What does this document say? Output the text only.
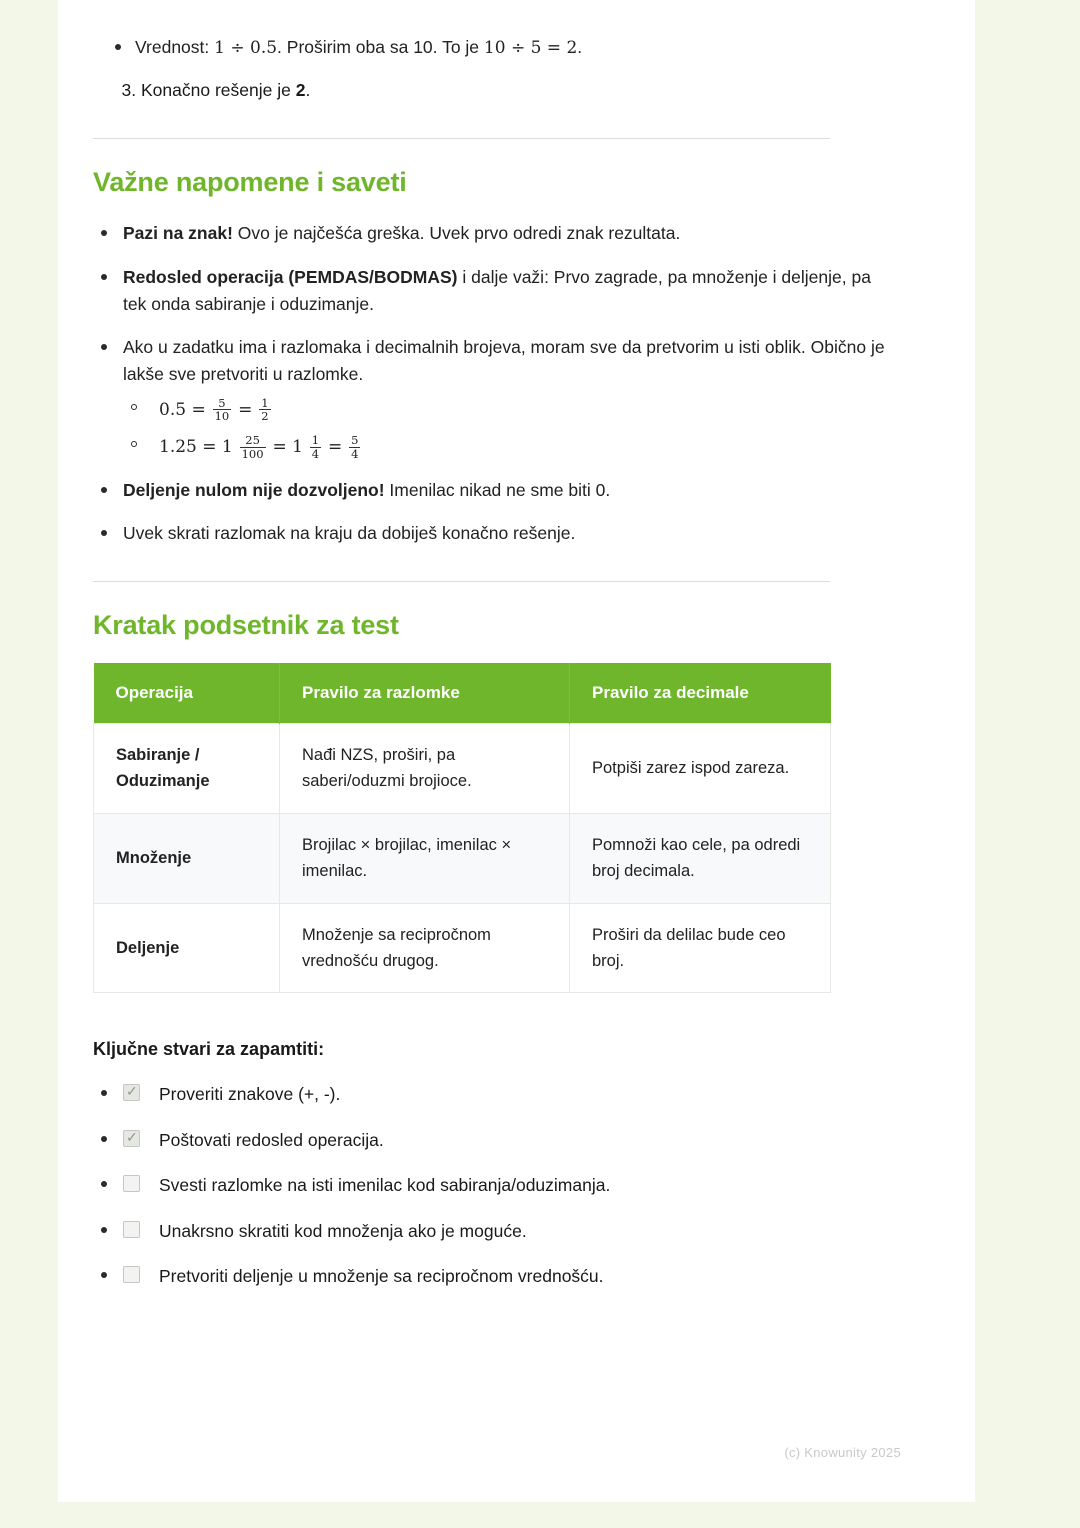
Vrednost: 1 ÷ 0.5. Proširim oba sa 10. To je 10 ÷ 5 = 2.
3. Konačno rešenje je 2.
Važne napomene i saveti
Pazi na znak! Ovo je najčešća greška. Uvek prvo odredi znak rezultata.
Redosled operacija (PEMDAS/BODMAS) i dalje važi: Prvo zagrade, pa množenje i deljenje, pa tek onda sabiranje i oduzimanje.
Ako u zadatku ima i razlomaka i decimalnih brojeva, moram sve da pretvorim u isti oblik. Obično je lakše sve pretvoriti u razlomke.
$0.5 = \frac{5}{10} = \frac{1}{2}$
$1.25 = 1 \frac{25}{100} = 1 \frac{1}{4} = \frac{5}{4}$
Deljenje nulom nije dozvoljeno! Imenilac nikad ne sme biti 0.
Uvek skrati razlomak na kraju da dobiješ konačno rešenje.
Kratak podsetnik za test
Operacija	Pravilo za razlomke	Pravilo za decimale
Sabiranje / Oduzimanje	Nađi NZS, proširi, pa saberi/oduzmi brojioce.	Potpiši zarez ispod zareza.
Množenje	Brojilac × brojilac, imenilac × imenilac.	Pomnoži kao cele, pa odredi broj decimala.
Deljenje	Množenje sa recipročnom vrednošću drugog.	Proširi da delilac bude ceo broj.
Ključne stvari za zapamtiti:
✓
Proveriti znakove (+, -).
✓
Poštovati redosled operacija.
Svesti razlomke na isti imenilac kod sabiranja/oduzimanja.
Unakrsno skratiti kod množenja ako je moguće.
Pretvoriti deljenje u množenje sa recipročnom vrednošću.
(c) Knowunity 2025
